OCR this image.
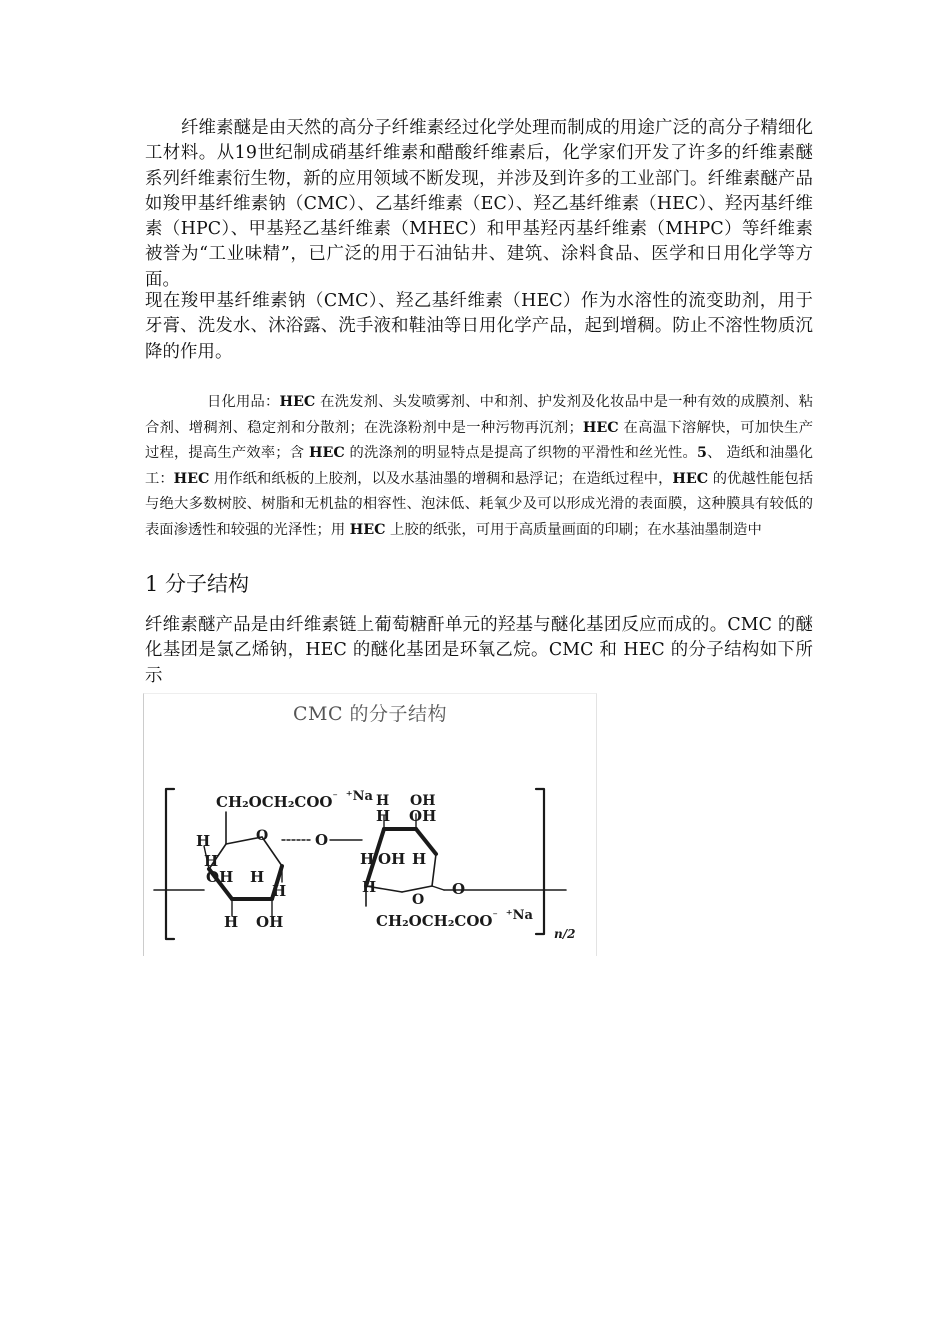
纤维素醚是由天然的高分子纤维素经过化学处理而制成的用途广泛的高分子精细化工材料。从19世纪制成硝基纤维素和醋酸纤维素后，化学家们开发了许多的纤维素醚系列纤维素衍生物，新的应用领域不断发现，并涉及到许多的工业部门。纤维素醚产品如羧甲基纤维素钠（CMC）、乙基纤维素（EC）、羟乙基纤维素（HEC）、羟丙基纤维素（HPC）、甲基羟乙基纤维素（MHEC）和甲基羟丙基纤维素（MHPC）等纤维素被誉为“工业味精”，已广泛的用于石油钻井、建筑、涂料食品、医学和日用化学等方面。

现在羧甲基纤维素钠（CMC）、羟乙基纤维素（HEC）作为水溶性的流变助剂，用于牙膏、洗发水、沐浴露、洗手液和鞋油等日用化学产品，起到增稠。防止不溶性物质沉降的作用。

日化用品：HEC 在洗发剂、头发喷雾剂、中和剂、护发剂及化妆品中是一种有效的成膜剂、粘合剂、增稠剂、稳定剂和分散剂；在洗涤粉剂中是一种污物再沉剂；HEC 在高温下溶解快，可加快生产过程，提高生产效率；含 HEC 的洗涤剂的明显特点是提高了织物的平滑性和丝光性。5、 造纸和油墨化工：HEC 用作纸和纸板的上胶剂，以及水基油墨的增稠和悬浮记；在造纸过程中，HEC 的优越性能包括与绝大多数树胶、树脂和无机盐的相容性、泡沫低、耗氧少及可以形成光滑的表面膜，这种膜具有较低的表面渗透性和较强的光泽性；用 HEC 上胶的纸张，可用于高质量画面的印刷；在水基油墨制造中

1 分子结构

纤维素醚产品是由纤维素链上葡萄糖酐单元的羟基与醚化基团反应而成的。CMC 的醚化基团是氯乙烯钠，HEC 的醚化基团是环氧乙烷。CMC 和 HEC 的分子结构如下所示

CMC 的分子结构
CH₂OCH₂COO⁻ ⁺Na
H	O	O
H
OH H
H
H OH
H OH
H OH
H OH H
H
O
O
CH₂OCH₂COO⁻ ⁺Na
n/2
